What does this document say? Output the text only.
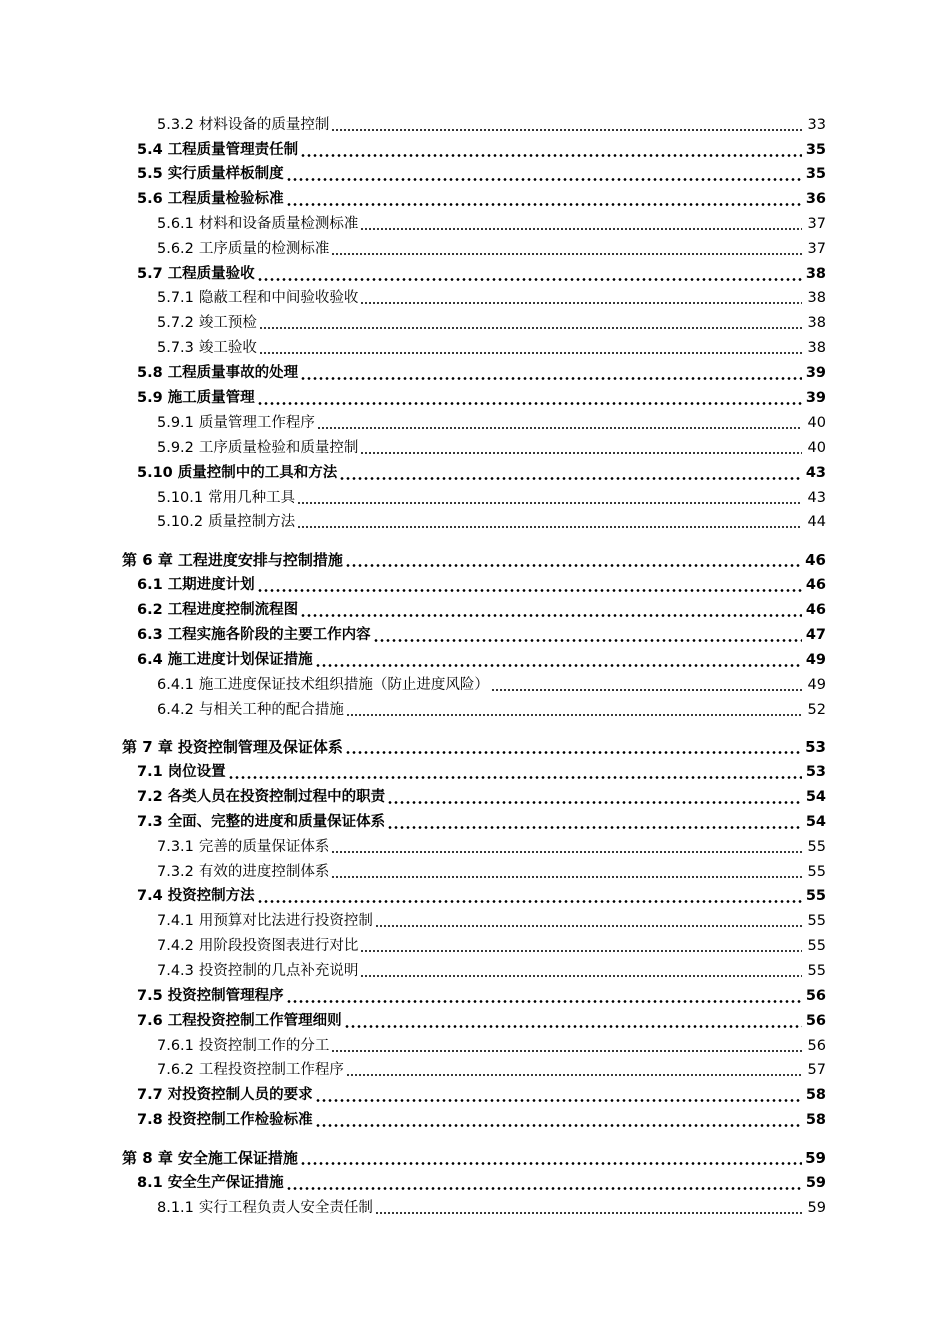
5.3.2 材料设备的质量控制	33
5.4 工程质量管理责任制	35
5.5 实行质量样板制度	35
5.6 工程质量检验标准	36
5.6.1 材料和设备质量检测标准	37
5.6.2 工序质量的检测标准	37
5.7 工程质量验收	38
5.7.1 隐蔽工程和中间验收验收	38
5.7.2 竣工预检	38
5.7.3 竣工验收	38
5.8 工程质量事故的处理	39
5.9 施工质量管理	39
5.9.1 质量管理工作程序	40
5.9.2 工序质量检验和质量控制	40
5.10 质量控制中的工具和方法	43
5.10.1 常用几种工具	43
5.10.2 质量控制方法	44
第 6 章 工程进度安排与控制措施	46
6.1 工期进度计划	46
6.2 工程进度控制流程图	46
6.3 工程实施各阶段的主要工作内容	47
6.4 施工进度计划保证措施	49
6.4.1 施工进度保证技术组织措施（防止进度风险）	49
6.4.2 与相关工种的配合措施	52
第 7 章 投资控制管理及保证体系	53
7.1 岗位设置	53
7.2 各类人员在投资控制过程中的职责	54
7.3 全面、完整的进度和质量保证体系	54
7.3.1 完善的质量保证体系	55
7.3.2 有效的进度控制体系	55
7.4 投资控制方法	55
7.4.1 用预算对比法进行投资控制	55
7.4.2 用阶段投资图表进行对比	55
7.4.3 投资控制的几点补充说明	55
7.5 投资控制管理程序	56
7.6 工程投资控制工作管理细则	56
7.6.1 投资控制工作的分工	56
7.6.2 工程投资控制工作程序	57
7.7 对投资控制人员的要求	58
7.8 投资控制工作检验标准	58
第 8 章 安全施工保证措施	59
8.1 安全生产保证措施	59
8.1.1 实行工程负责人安全责任制	59
